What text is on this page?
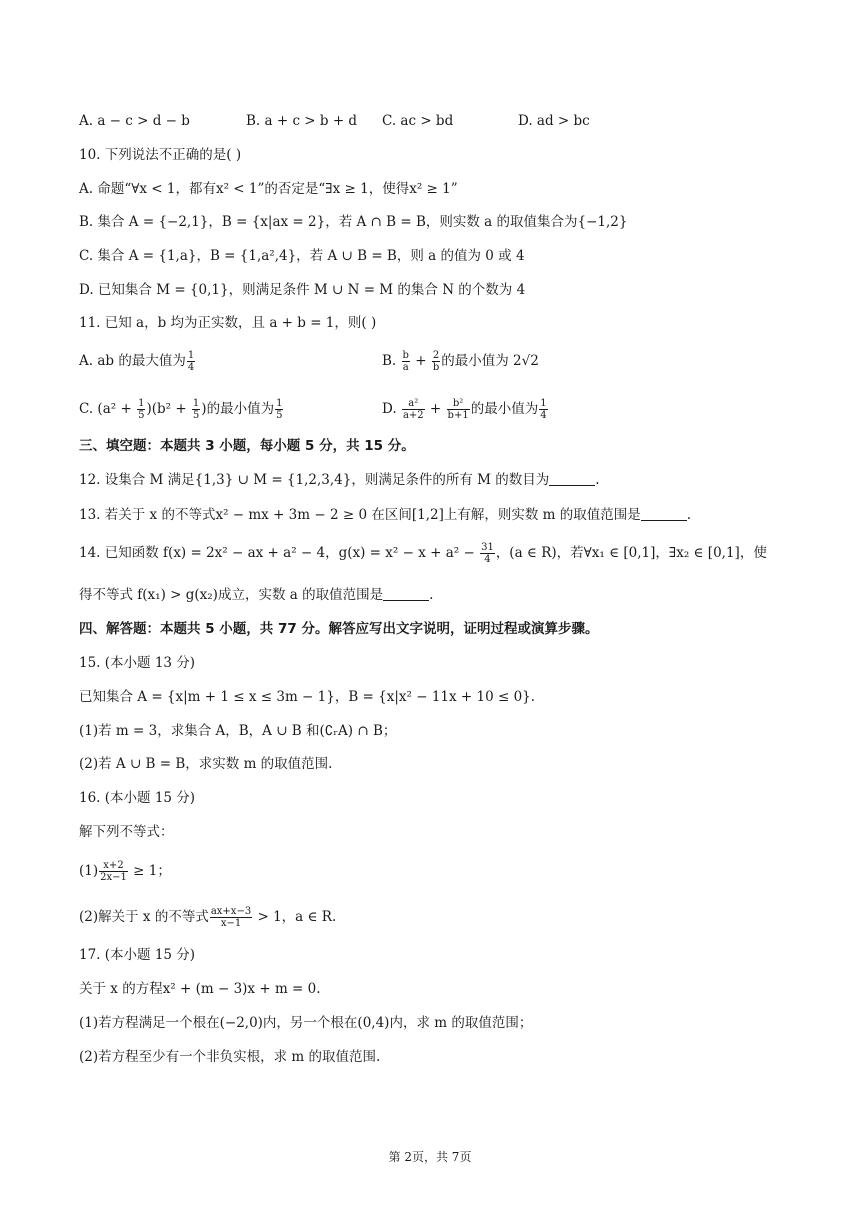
A. a − c > d − b	B. a + c > b + d C. ac > bd	D. ad > bc
10. 下列说法不正确的是( )
A. 命题“∀x < 1，都有x² < 1”的否定是“∃x ≥ 1，使得x² ≥ 1”
B. 集合 A = {−2,1}，B = {x|ax = 2}，若 A ∩ B = B，则实数 a 的取值集合为{−1,2}
C. 集合 A = {1,a}，B = {1,a²,4}，若 A ∪ B = B，则 a 的值为 0 或 4
D. 已知集合 M = {0,1}，则满足条件 M ∪ N = M 的集合 N 的个数为 4
11. 已知 a，b 均为正实数，且 a + b = 1，则( )
A. ab 的最大值为 $\frac{1}{4}$	B. $\frac{b}{a} + \frac{2}{b}$ 的最小值为 2√2
C. $(a^2 + \frac{1}{5} )(b^2 + \frac{1}{5}$ )的最小值为 $\frac{1}{5}$	D. $\frac{\text{a²}}{a+2} + \frac{\text{b²}}{b+1}$ 的最小值为 $\frac{1}{4}$
三、填空题：本题共 3 小题，每小题 5 分，共 15 分。
12. 设集合 M 满足{1,3} ∪ M = {1,2,3,4}，则满足条件的所有 M 的数目为	.
13. 若关于 x 的不等式x² − mx + 3m − 2 ≥ 0 在区间[1,2]上有解，则实数 m 的取值范围是	.
14. 已知函数 f(x) = 2x² − ax + a² − 4，$g(x) = x^2 - x + a^2 - \frac{31}{4}$ ，(a ∈ R)，若∀x₁ ∈ [0,1]，∃x₂ ∈ [0,1]，使
得不等式 f(x₁) > g(x₂)成立，实数 a 的取值范围是	.
四、解答题：本题共 5 小题，共 77 分。解答应写出文字说明，证明过程或演算步骤。
15. (本小题 13 分)
已知集合 A = {x|m + 1 ≤ x ≤ 3m − 1}，B = {x|x² − 11x + 10 ≤ 0}.
(1)若 m = 3，求集合 A，B，A ∪ B 和(∁ᵣA) ∩ B；
(2)若 A ∪ B = B，求实数 m 的取值范围.
16. (本小题 15 分)
解下列不等式：
$(1) \frac{x+2}{2x-1} \ge 1$；
(2)解关于 x 的不等式 $\frac{ax+x-3}{x-1} > 1$，a ∈ R.
17. (本小题 15 分)
关于 x 的方程x² + (m − 3)x + m = 0.
(1)若方程满足一个根在(−2,0)内，另一个根在(0,4)内，求 m 的取值范围；
(2)若方程至少有一个非负实根，求 m 的取值范围.
第 2页，共 7页
